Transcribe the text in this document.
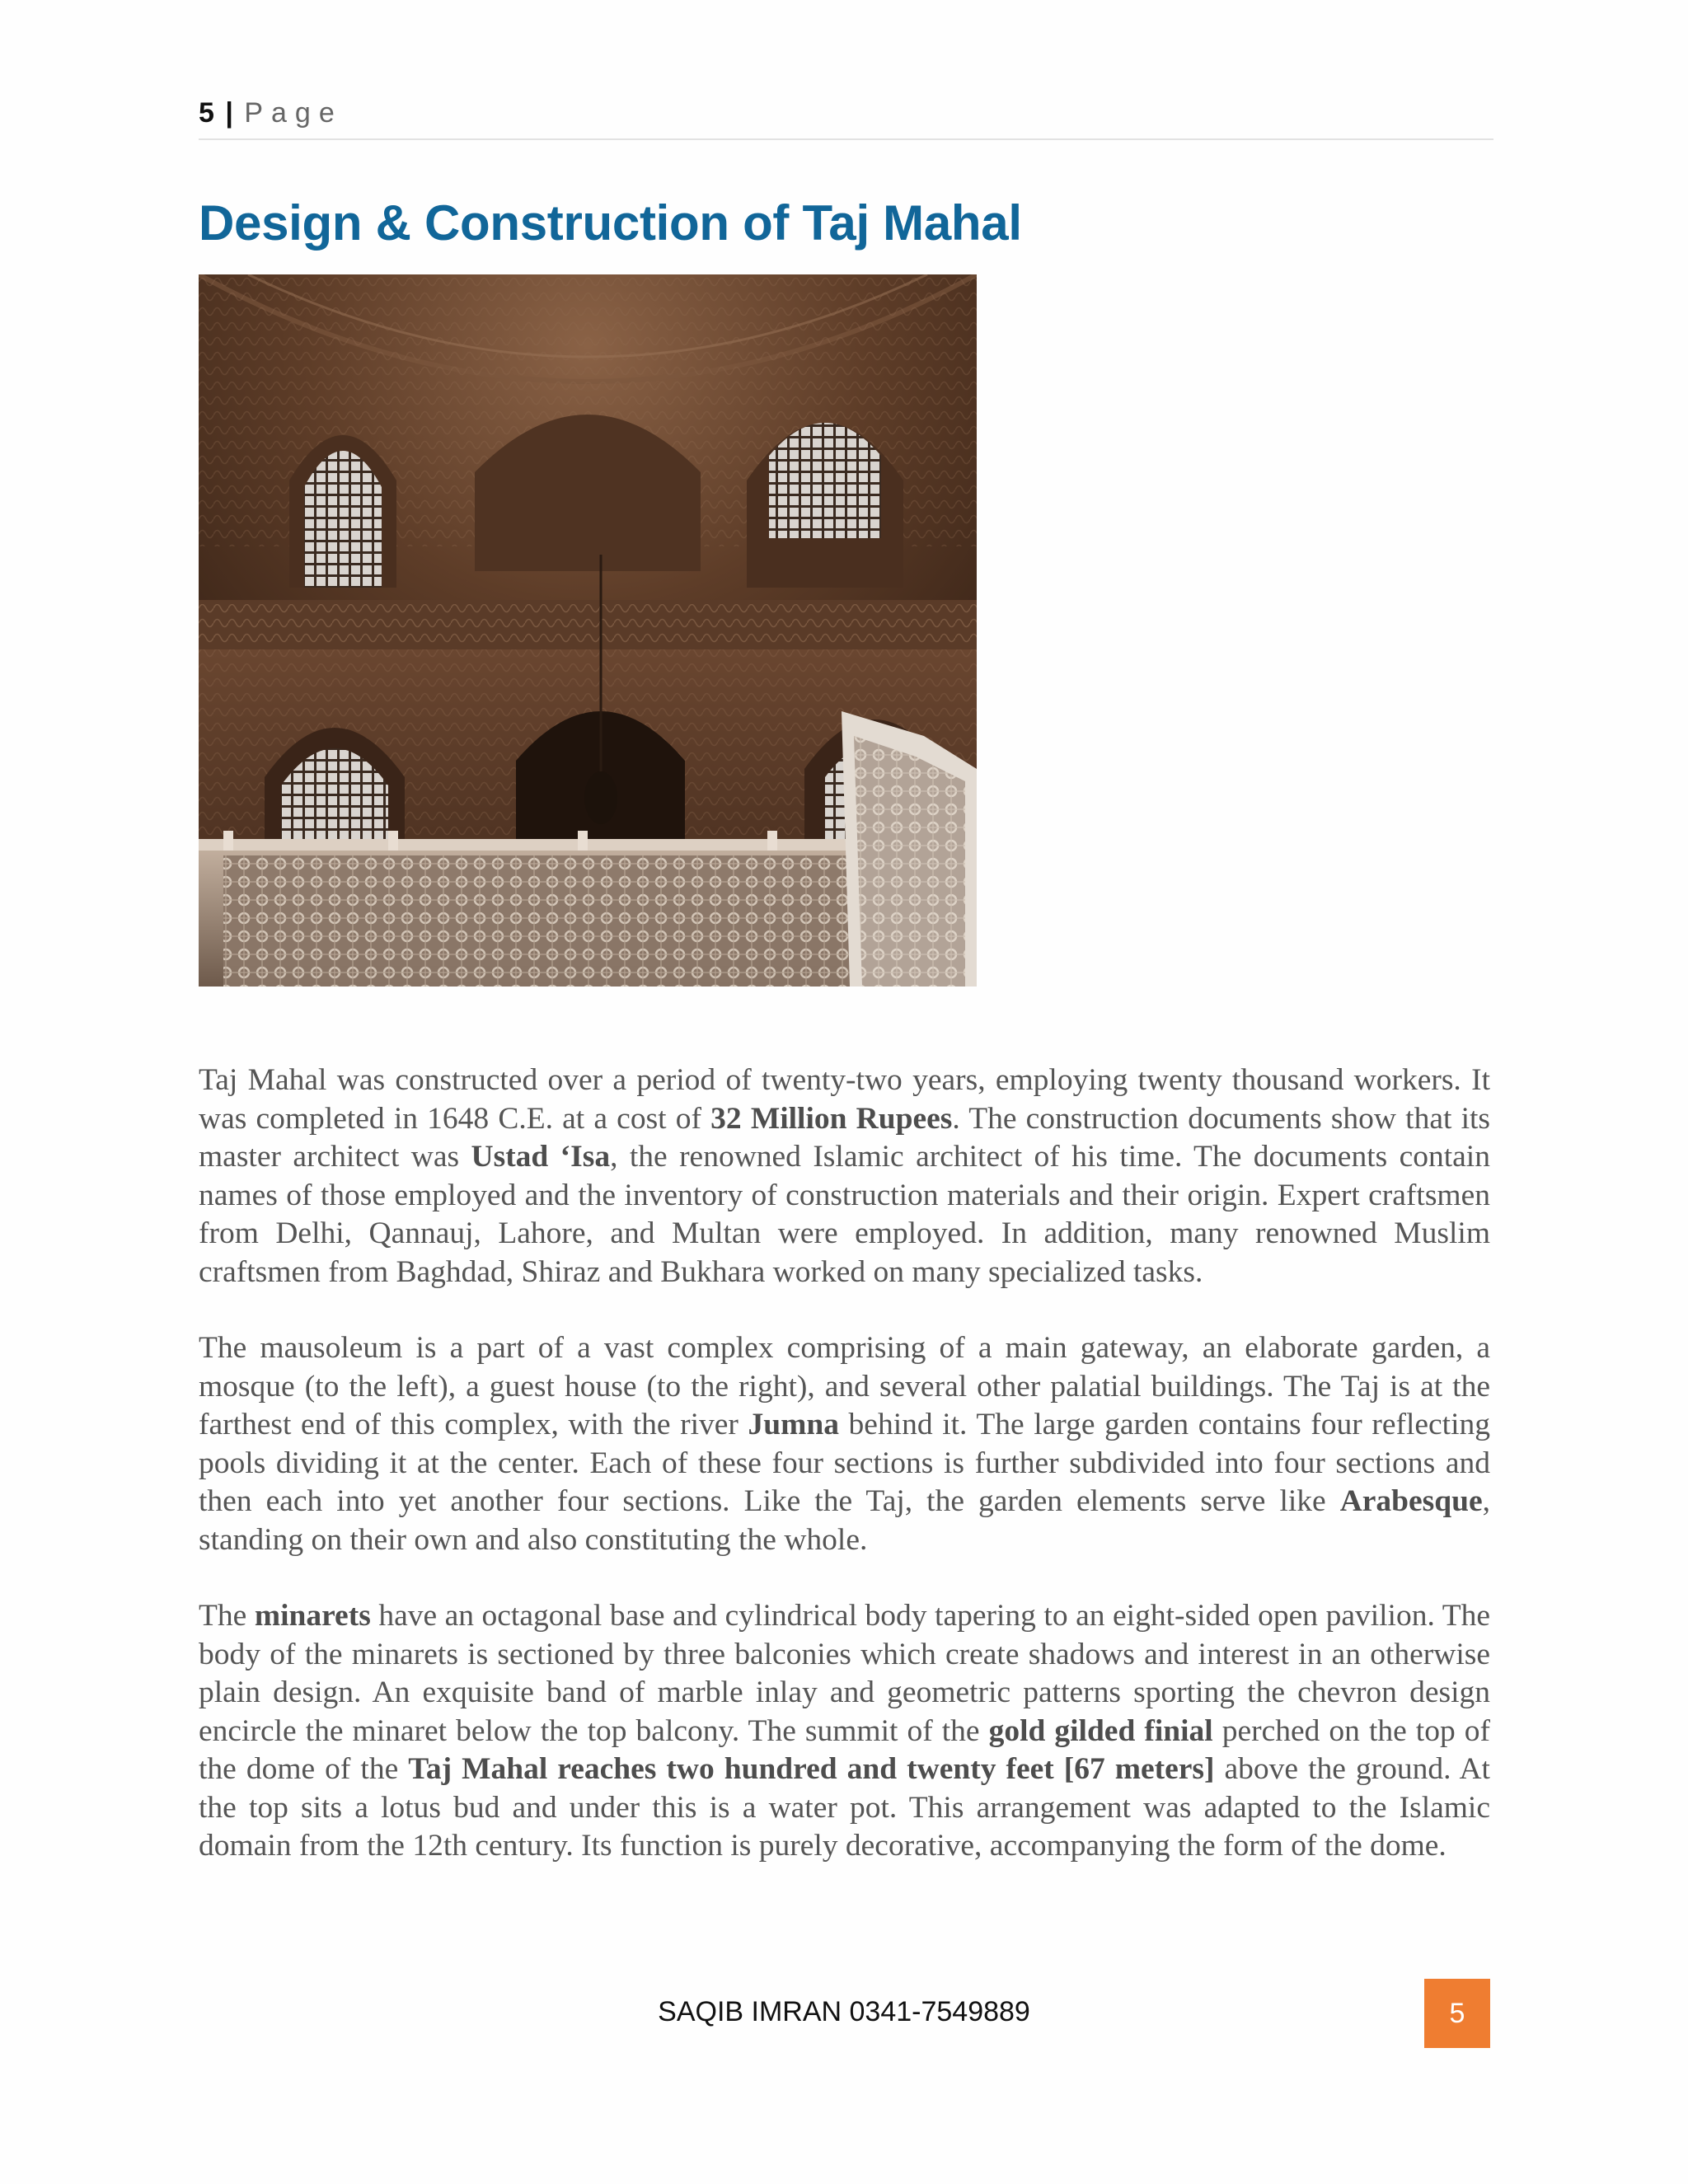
5 | Page
Design & Construction of Taj Mahal

Taj Mahal was constructed over a period of twenty-two years, employing twenty thousand workers. It was completed in 1648 C.E. at a cost of 32 Million Rupees. The construction documents show that its master architect was Ustad ‘Isa, the renowned Islamic architect of his time. The documents contain names of those employed and the inventory of construction materials and their origin. Expert craftsmen from Delhi, Qannauj, Lahore, and Multan were employed. In addition, many renowned Muslim craftsmen from Baghdad, Shiraz and Bukhara worked on many specialized tasks.

The mausoleum is a part of a vast complex comprising of a main gateway, an elaborate garden, a mosque (to the left), a guest house (to the right), and several other palatial buildings. The Taj is at the farthest end of this complex, with the river Jumna behind it. The large garden contains four reflecting pools dividing it at the center. Each of these four sections is further subdivided into four sections and then each into yet another four sections. Like the Taj, the garden elements serve like Arabesque, standing on their own and also constituting the whole.

The minarets have an octagonal base and cylindrical body tapering to an eight-sided open pavilion. The body of the minarets is sectioned by three balconies which create shadows and interest in an otherwise plain design. An exquisite band of marble inlay and geometric patterns sporting the chevron design encircle the minaret below the top balcony. The summit of the gold gilded finial perched on the top of the dome of the Taj Mahal reaches two hundred and twenty feet [67 meters] above the ground. At the top sits a lotus bud and under this is a water pot. This arrangement was adapted to the Islamic domain from the 12th century. Its function is purely decorative, accompanying the form of the dome.

SAQIB IMRAN 0341-7549889	5
